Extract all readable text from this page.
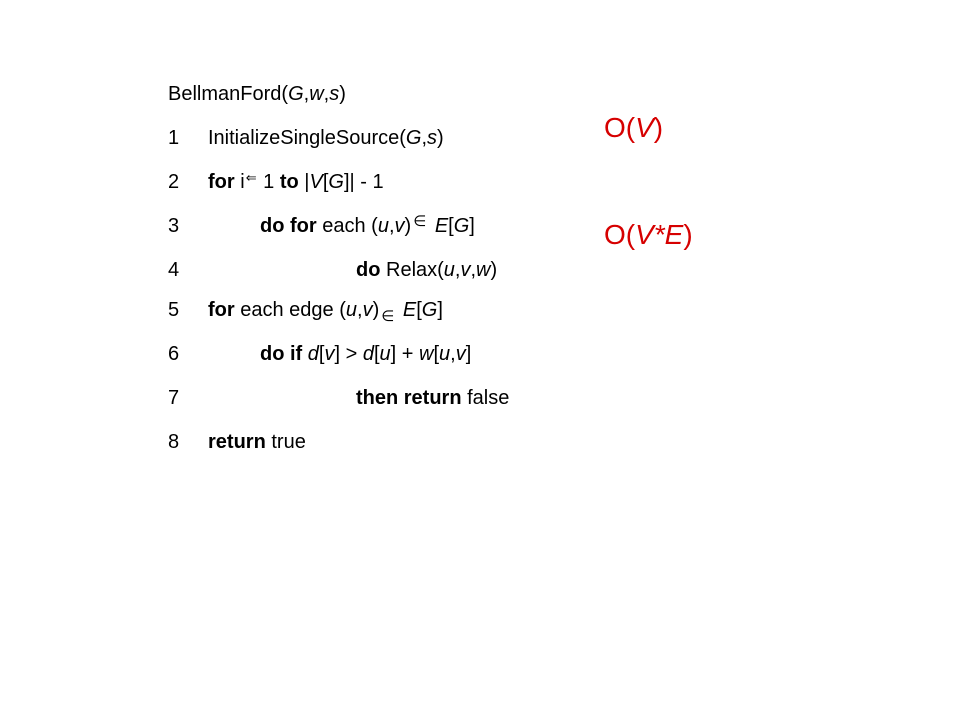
BellmanFord(G,w,s)
1 InitializeSingleSource(G,s)
2 for i⇐ 1 to |V[G]| - 1
3	do for each (u,v) ∈ E[G]
4	do Relax(u,v,w)
5 for each edge (u,v) ∈ E[G]
6	do if d[v] > d[u] + w[u,v]
7	then return false
8 return true
O(V)
O(V*E)
